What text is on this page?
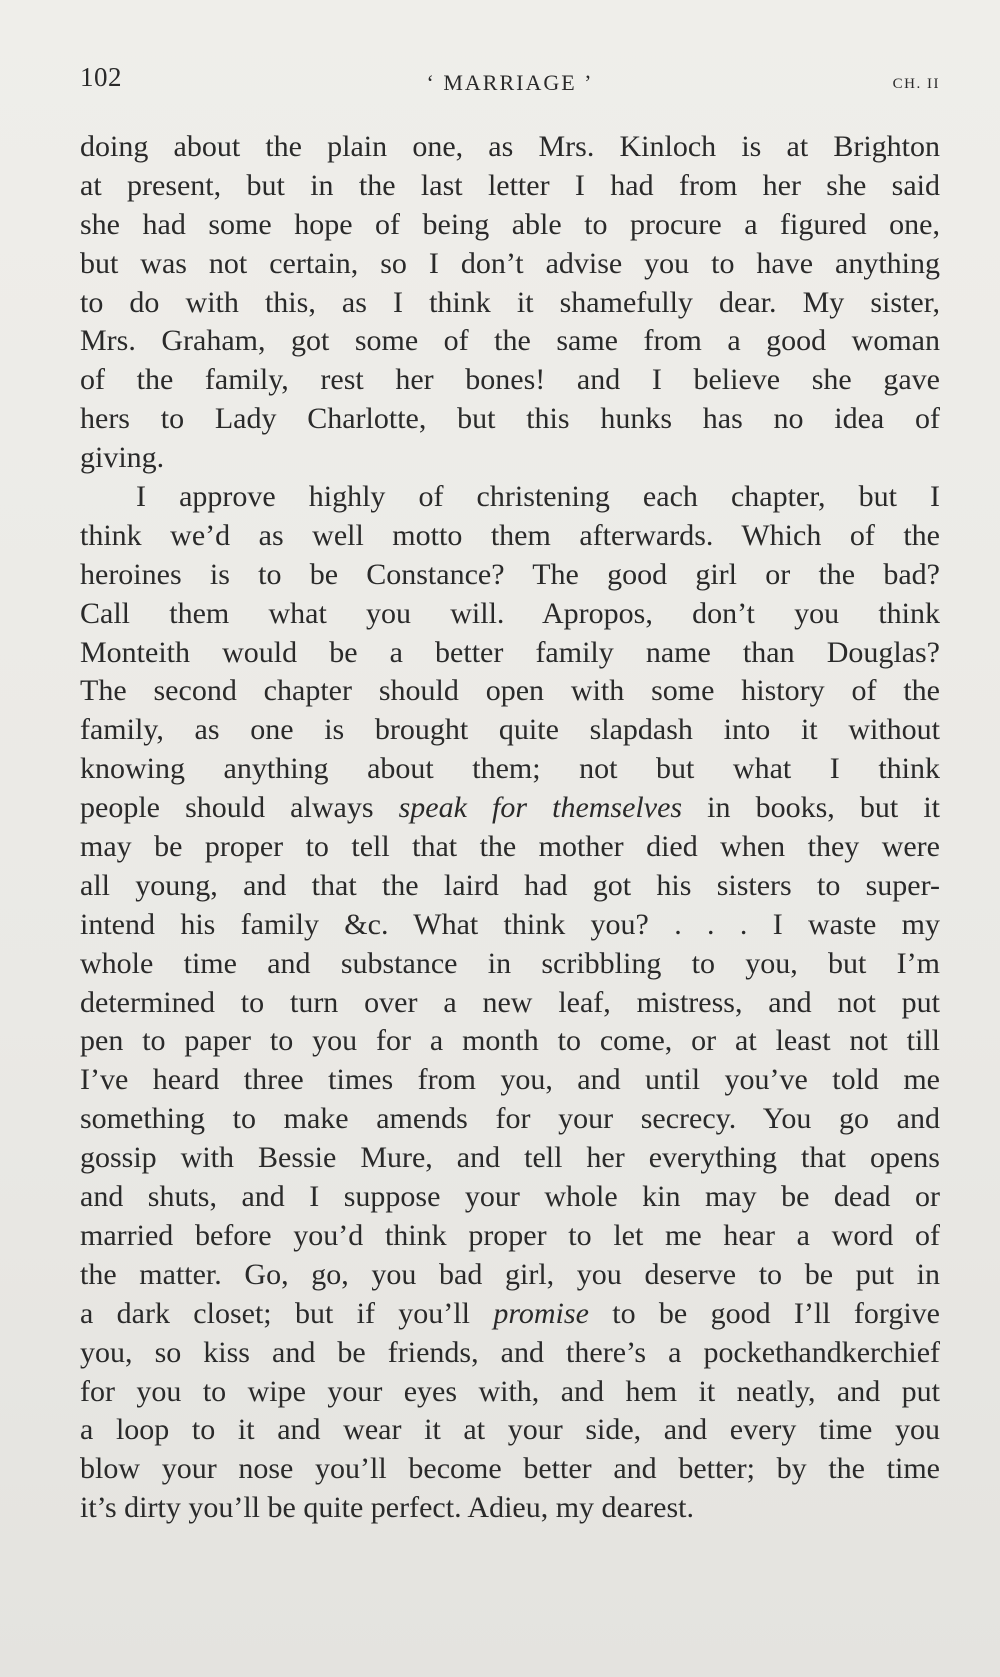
102	‘ MARRIAGE ’	CH. II
doing about the plain one, as Mrs. Kinloch is at Brighton
at present, but in the last letter I had from her she said
she had some hope of being able to procure a figured one,
but was not certain, so I don’t advise you to have anything
to do with this, as I think it shamefully dear. My sister,
Mrs. Graham, got some of the same from a good woman
of the family, rest her bones! and I believe she gave
hers to Lady Charlotte, but this hunks has no idea of
giving.
I approve highly of christening each chapter, but I
think we’d as well motto them afterwards. Which of the
heroines is to be Constance? The good girl or the bad?
Call them what you will. Apropos, don’t you think
Monteith would be a better family name than Douglas?
The second chapter should open with some history of the
family, as one is brought quite slapdash into it without
knowing anything about them; not but what I think
people should always speak for themselves in books, but it
may be proper to tell that the mother died when they were
all young, and that the laird had got his sisters to super-
intend his family &c. What think you? . . . I waste my
whole time and substance in scribbling to you, but I’m
determined to turn over a new leaf, mistress, and not put
pen to paper to you for a month to come, or at least not till
I’ve heard three times from you, and until you’ve told me
something to make amends for your secrecy. You go and
gossip with Bessie Mure, and tell her everything that opens
and shuts, and I suppose your whole kin may be dead or
married before you’d think proper to let me hear a word of
the matter. Go, go, you bad girl, you deserve to be put in
a dark closet; but if you’ll promise to be good I’ll forgive
you, so kiss and be friends, and there’s a pockethandkerchief
for you to wipe your eyes with, and hem it neatly, and put
a loop to it and wear it at your side, and every time you
blow your nose you’ll become better and better; by the time
it’s dirty you’ll be quite perfect. Adieu, my dearest.
